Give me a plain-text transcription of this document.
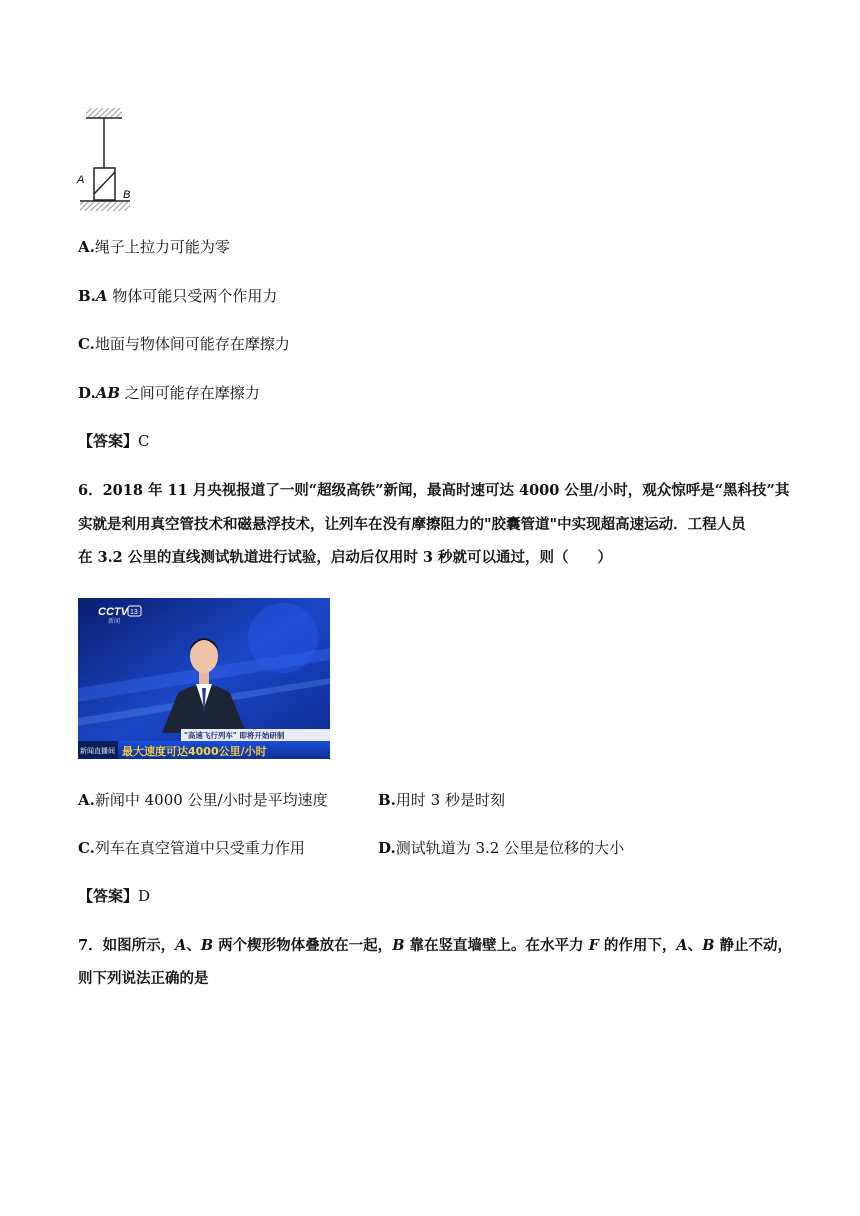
A
B
A.绳子上拉力可能为零
B.A 物体可能只受两个作用力
C.地面与物体间可能存在摩擦力
D.AB 之间可能存在摩擦力
【答案】C
6．2018 年 11 月央视报道了一则“超级高铁”新闻，最高时速可达 4000 公里/小时，观众惊呼是“黑科技”其
实就是利用真空管技术和磁悬浮技术，让列车在没有摩擦阻力的"胶囊管道"中实现超高速运动．工程人员
在 3.2 公里的直线测试轨道进行试验，启动后仅用时 3 秒就可以通过，则（　　）
CCTV 13
新闻
"高速飞行列车" 即将开始研制
新闻直播间 最大速度可达4000公里/小时
A.新闻中 4000 公里/小时是平均速度	B.用时 3 秒是时刻
C.列车在真空管道中只受重力作用	D.测试轨道为 3.2 公里是位移的大小
【答案】D
7．如图所示，A、B 两个楔形物体叠放在一起，B 靠在竖直墙壁上。在水平力 F 的作用下，A、B 静止不动，
则下列说法正确的是
